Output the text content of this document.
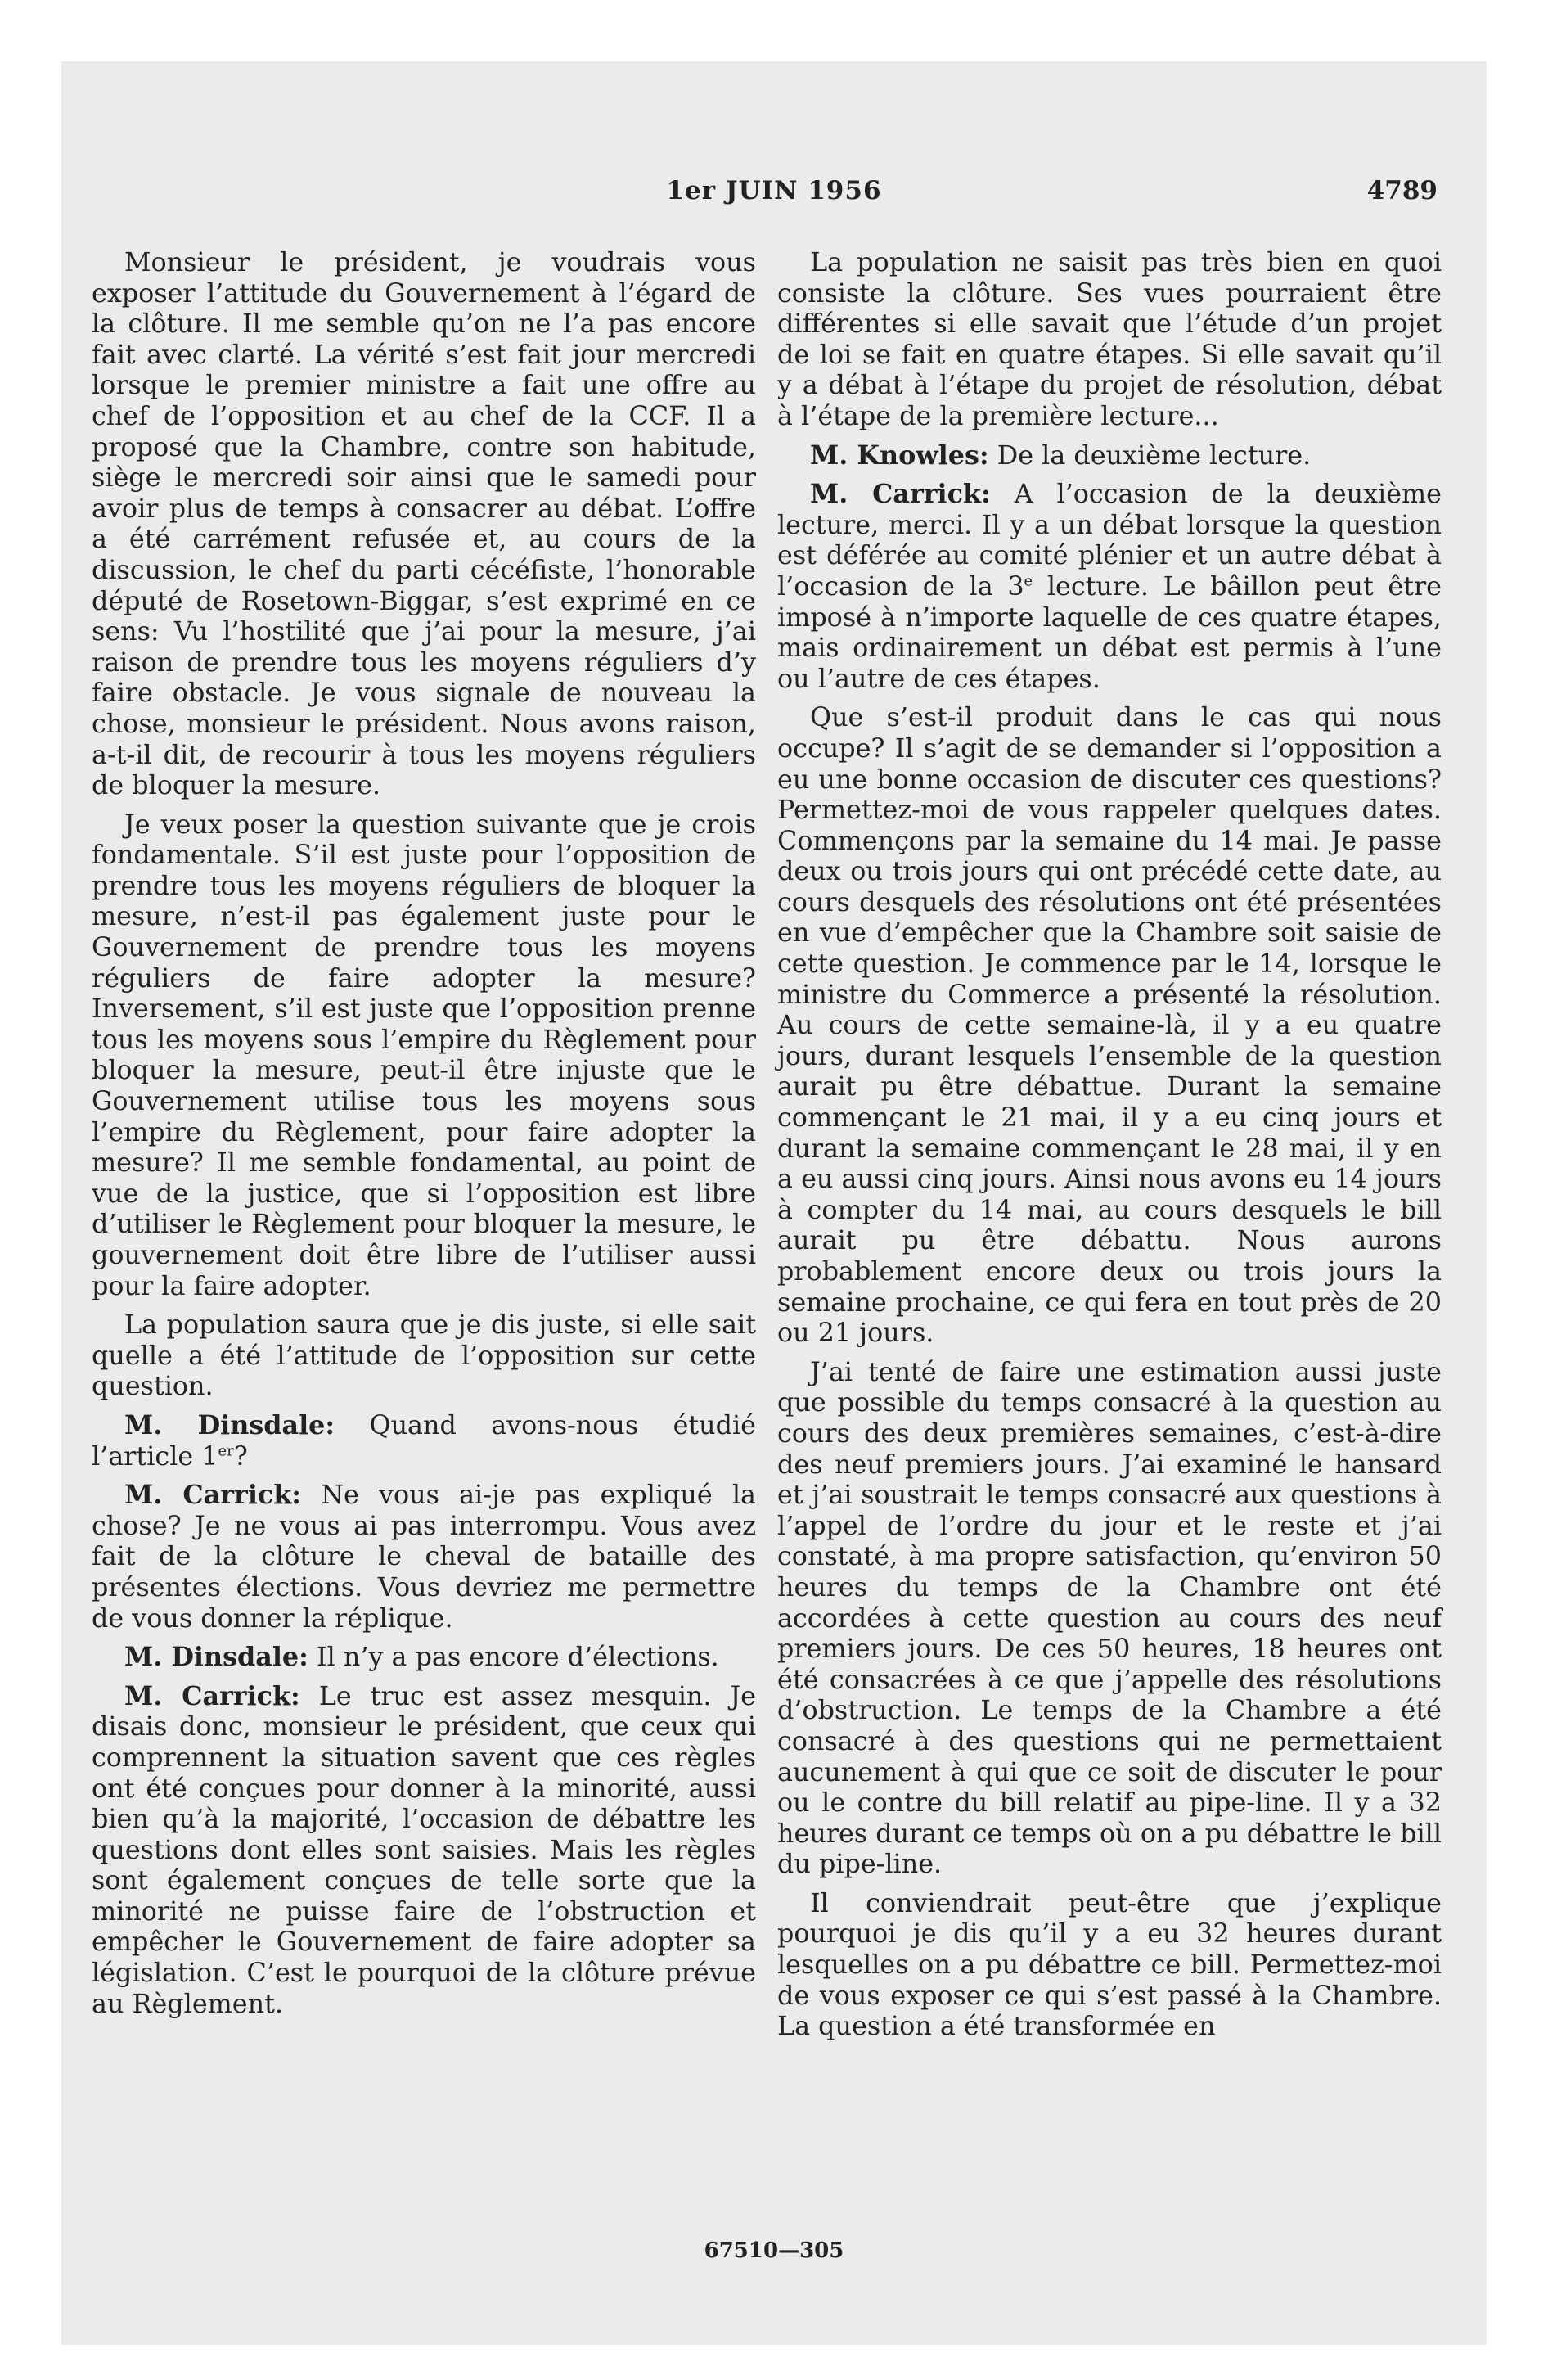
1er JUIN 1956	4789

Monsieur le président, je voudrais vous exposer l’attitude du Gouvernement à l’égard de la clôture. Il me semble qu’on ne l’a pas encore fait avec clarté. La vérité s’est fait jour mercredi lorsque le premier ministre a fait une offre au chef de l’opposition et au chef de la CCF. Il a proposé que la Chambre, contre son habitude, siège le mercredi soir ainsi que le samedi pour avoir plus de temps à consacrer au débat. L’offre a été carrément refusée et, au cours de la discussion, le chef du parti cécéfiste, l’honorable député de Rosetown-Biggar, s’est exprimé en ce sens: Vu l’hostilité que j’ai pour la mesure, j’ai raison de prendre tous les moyens réguliers d’y faire obstacle. Je vous signale de nouveau la chose, monsieur le président. Nous avons raison, a-t-il dit, de recourir à tous les moyens réguliers de bloquer la mesure.

Je veux poser la question suivante que je crois fondamentale. S’il est juste pour l’opposition de prendre tous les moyens réguliers de bloquer la mesure, n’est-il pas également juste pour le Gouvernement de prendre tous les moyens réguliers de faire adopter la mesure? Inversement, s’il est juste que l’opposition prenne tous les moyens sous l’empire du Règlement pour bloquer la mesure, peut-il être injuste que le Gouvernement utilise tous les moyens sous l’empire du Règlement, pour faire adopter la mesure? Il me semble fondamental, au point de vue de la justice, que si l’opposition est libre d’utiliser le Règlement pour bloquer la mesure, le gouvernement doit être libre de l’utiliser aussi pour la faire adopter.

La population saura que je dis juste, si elle sait quelle a été l’attitude de l’opposition sur cette question.

M. Dinsdale: Quand avons-nous étudié l’article 1er?

M. Carrick: Ne vous ai-je pas expliqué la chose? Je ne vous ai pas interrompu. Vous avez fait de la clôture le cheval de bataille des présentes élections. Vous devriez me permettre de vous donner la réplique.

M. Dinsdale: Il n’y a pas encore d’élections.

M. Carrick: Le truc est assez mesquin. Je disais donc, monsieur le président, que ceux qui comprennent la situation savent que ces règles ont été conçues pour donner à la minorité, aussi bien qu’à la majorité, l’occasion de débattre les questions dont elles sont saisies. Mais les règles sont également conçues de telle sorte que la minorité ne puisse faire de l’obstruction et empêcher le Gouvernement de faire adopter sa législation. C’est le pourquoi de la clôture prévue au Règlement.

La population ne saisit pas très bien en quoi consiste la clôture. Ses vues pourraient être différentes si elle savait que l’étude d’un projet de loi se fait en quatre étapes. Si elle savait qu’il y a débat à l’étape du projet de résolution, débat à l’étape de la première lecture...

M. Knowles: De la deuxième lecture.

M. Carrick: A l’occasion de la deuxième lecture, merci. Il y a un débat lorsque la question est déférée au comité plénier et un autre débat à l’occasion de la 3e lecture. Le bâillon peut être imposé à n’importe laquelle de ces quatre étapes, mais ordinairement un débat est permis à l’une ou l’autre de ces étapes.

Que s’est-il produit dans le cas qui nous occupe? Il s’agit de se demander si l’opposition a eu une bonne occasion de discuter ces questions? Permettez-moi de vous rappeler quelques dates. Commençons par la semaine du 14 mai. Je passe deux ou trois jours qui ont précédé cette date, au cours desquels des résolutions ont été présentées en vue d’empêcher que la Chambre soit saisie de cette question. Je commence par le 14, lorsque le ministre du Commerce a présenté la résolution. Au cours de cette semaine-là, il y a eu quatre jours, durant lesquels l’ensemble de la question aurait pu être débattue. Durant la semaine commençant le 21 mai, il y a eu cinq jours et durant la semaine commençant le 28 mai, il y en a eu aussi cinq jours. Ainsi nous avons eu 14 jours à compter du 14 mai, au cours desquels le bill aurait pu être débattu. Nous aurons probablement encore deux ou trois jours la semaine prochaine, ce qui fera en tout près de 20 ou 21 jours.

J’ai tenté de faire une estimation aussi juste que possible du temps consacré à la question au cours des deux premières semaines, c’est-à-dire des neuf premiers jours. J’ai examiné le hansard et j’ai soustrait le temps consacré aux questions à l’appel de l’ordre du jour et le reste et j’ai constaté, à ma propre satisfaction, qu’environ 50 heures du temps de la Chambre ont été accordées à cette question au cours des neuf premiers jours. De ces 50 heures, 18 heures ont été consacrées à ce que j’appelle des résolutions d’obstruction. Le temps de la Chambre a été consacré à des questions qui ne permettaient aucunement à qui que ce soit de discuter le pour ou le contre du bill relatif au pipe-line. Il y a 32 heures durant ce temps où on a pu débattre le bill du pipe-line.

Il conviendrait peut-être que j’explique pourquoi je dis qu’il y a eu 32 heures durant lesquelles on a pu débattre ce bill. Permettez-moi de vous exposer ce qui s’est passé à la Chambre. La question a été transformée en

67510—305
